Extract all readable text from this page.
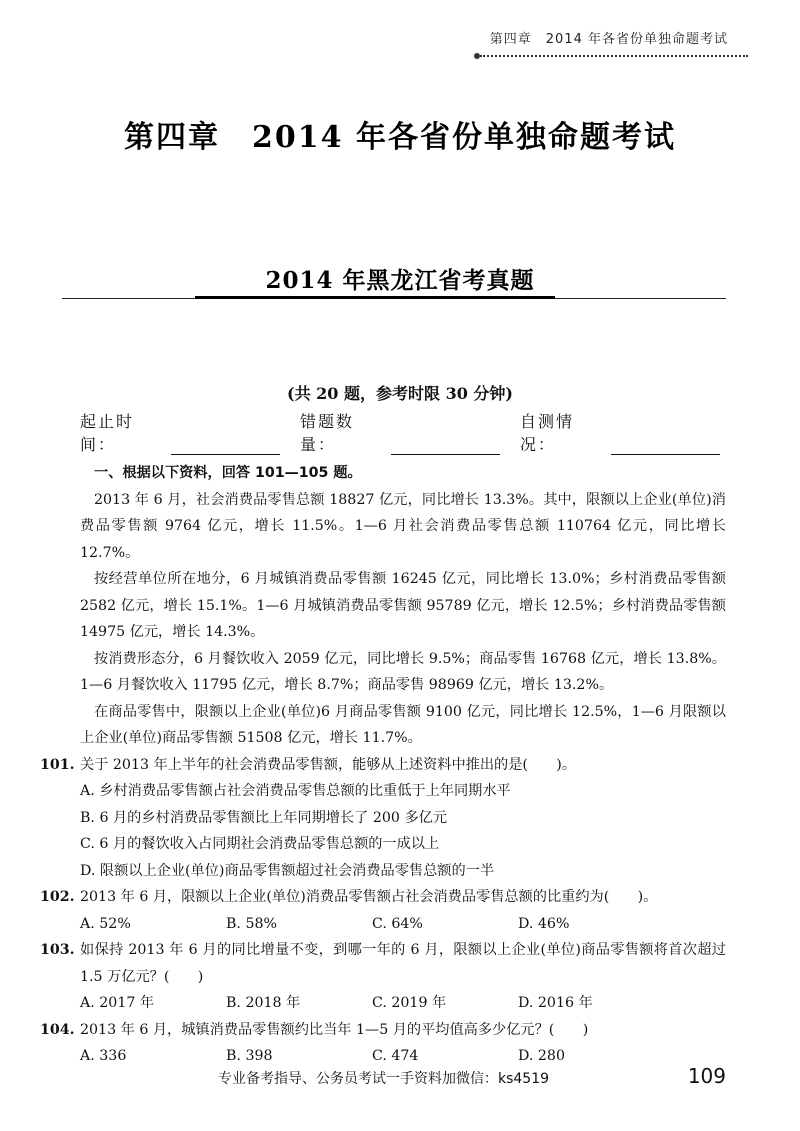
第四章　2014 年各省份单独命题考试
第四章　2014 年各省份单独命题考试
2014 年黑龙江省考真题
(共 20 题，参考时限 30 分钟)
起止时间：
错题数量：
自测情况：

一、根据以下资料，回答 101—105 题。

2013 年 6 月，社会消费品零售总额 18827 亿元，同比增长 13.3%。其中，限额以上企业(单位)消费品零售额 9764 亿元，增长 11.5%。1—6 月社会消费品零售总额 110764 亿元，同比增长 12.7%。

按经营单位所在地分，6 月城镇消费品零售额 16245 亿元，同比增长 13.0%；乡村消费品零售额 2582 亿元，增长 15.1%。1—6 月城镇消费品零售额 95789 亿元，增长 12.5%；乡村消费品零售额 14975 亿元，增长 14.3%。

按消费形态分，6 月餐饮收入 2059 亿元，同比增长 9.5%；商品零售 16768 亿元，增长 13.8%。1—6 月餐饮收入 11795 亿元，增长 8.7%；商品零售 98969 亿元，增长 13.2%。

在商品零售中，限额以上企业(单位)6 月商品零售额 9100 亿元，同比增长 12.5%，1—6 月限额以上企业(单位)商品零售额 51508 亿元，增长 11.7%。

101. 关于 2013 年上半年的社会消费品零售额，能够从上述资料中推出的是(　　)。

A. 乡村消费品零售额占社会消费品零售总额的比重低于上年同期水平

B. 6 月的乡村消费品零售额比上年同期增长了 200 多亿元

C. 6 月的餐饮收入占同期社会消费品零售总额的一成以上

D. 限额以上企业(单位)商品零售额超过社会消费品零售总额的一半

102. 2013 年 6 月，限额以上企业(单位)消费品零售额占社会消费品零售总额的比重约为(　　)。
A. 52%	B. 58%	C. 64%	D. 46%
103. 如保持 2013 年 6 月的同比增量不变，到哪一年的 6 月，限额以上企业(单位)商品零售额将首次超过 1.5 万亿元？(　　)
A. 2017 年	B. 2018 年	C. 2019 年	D. 2016 年
104. 2013 年 6 月，城镇消费品零售额约比当年 1—5 月的平均值高多少亿元？(　　)
A. 336	B. 398	C. 474	D. 280
专业备考指导、公务员考试一手资料加微信：ks4519	109
